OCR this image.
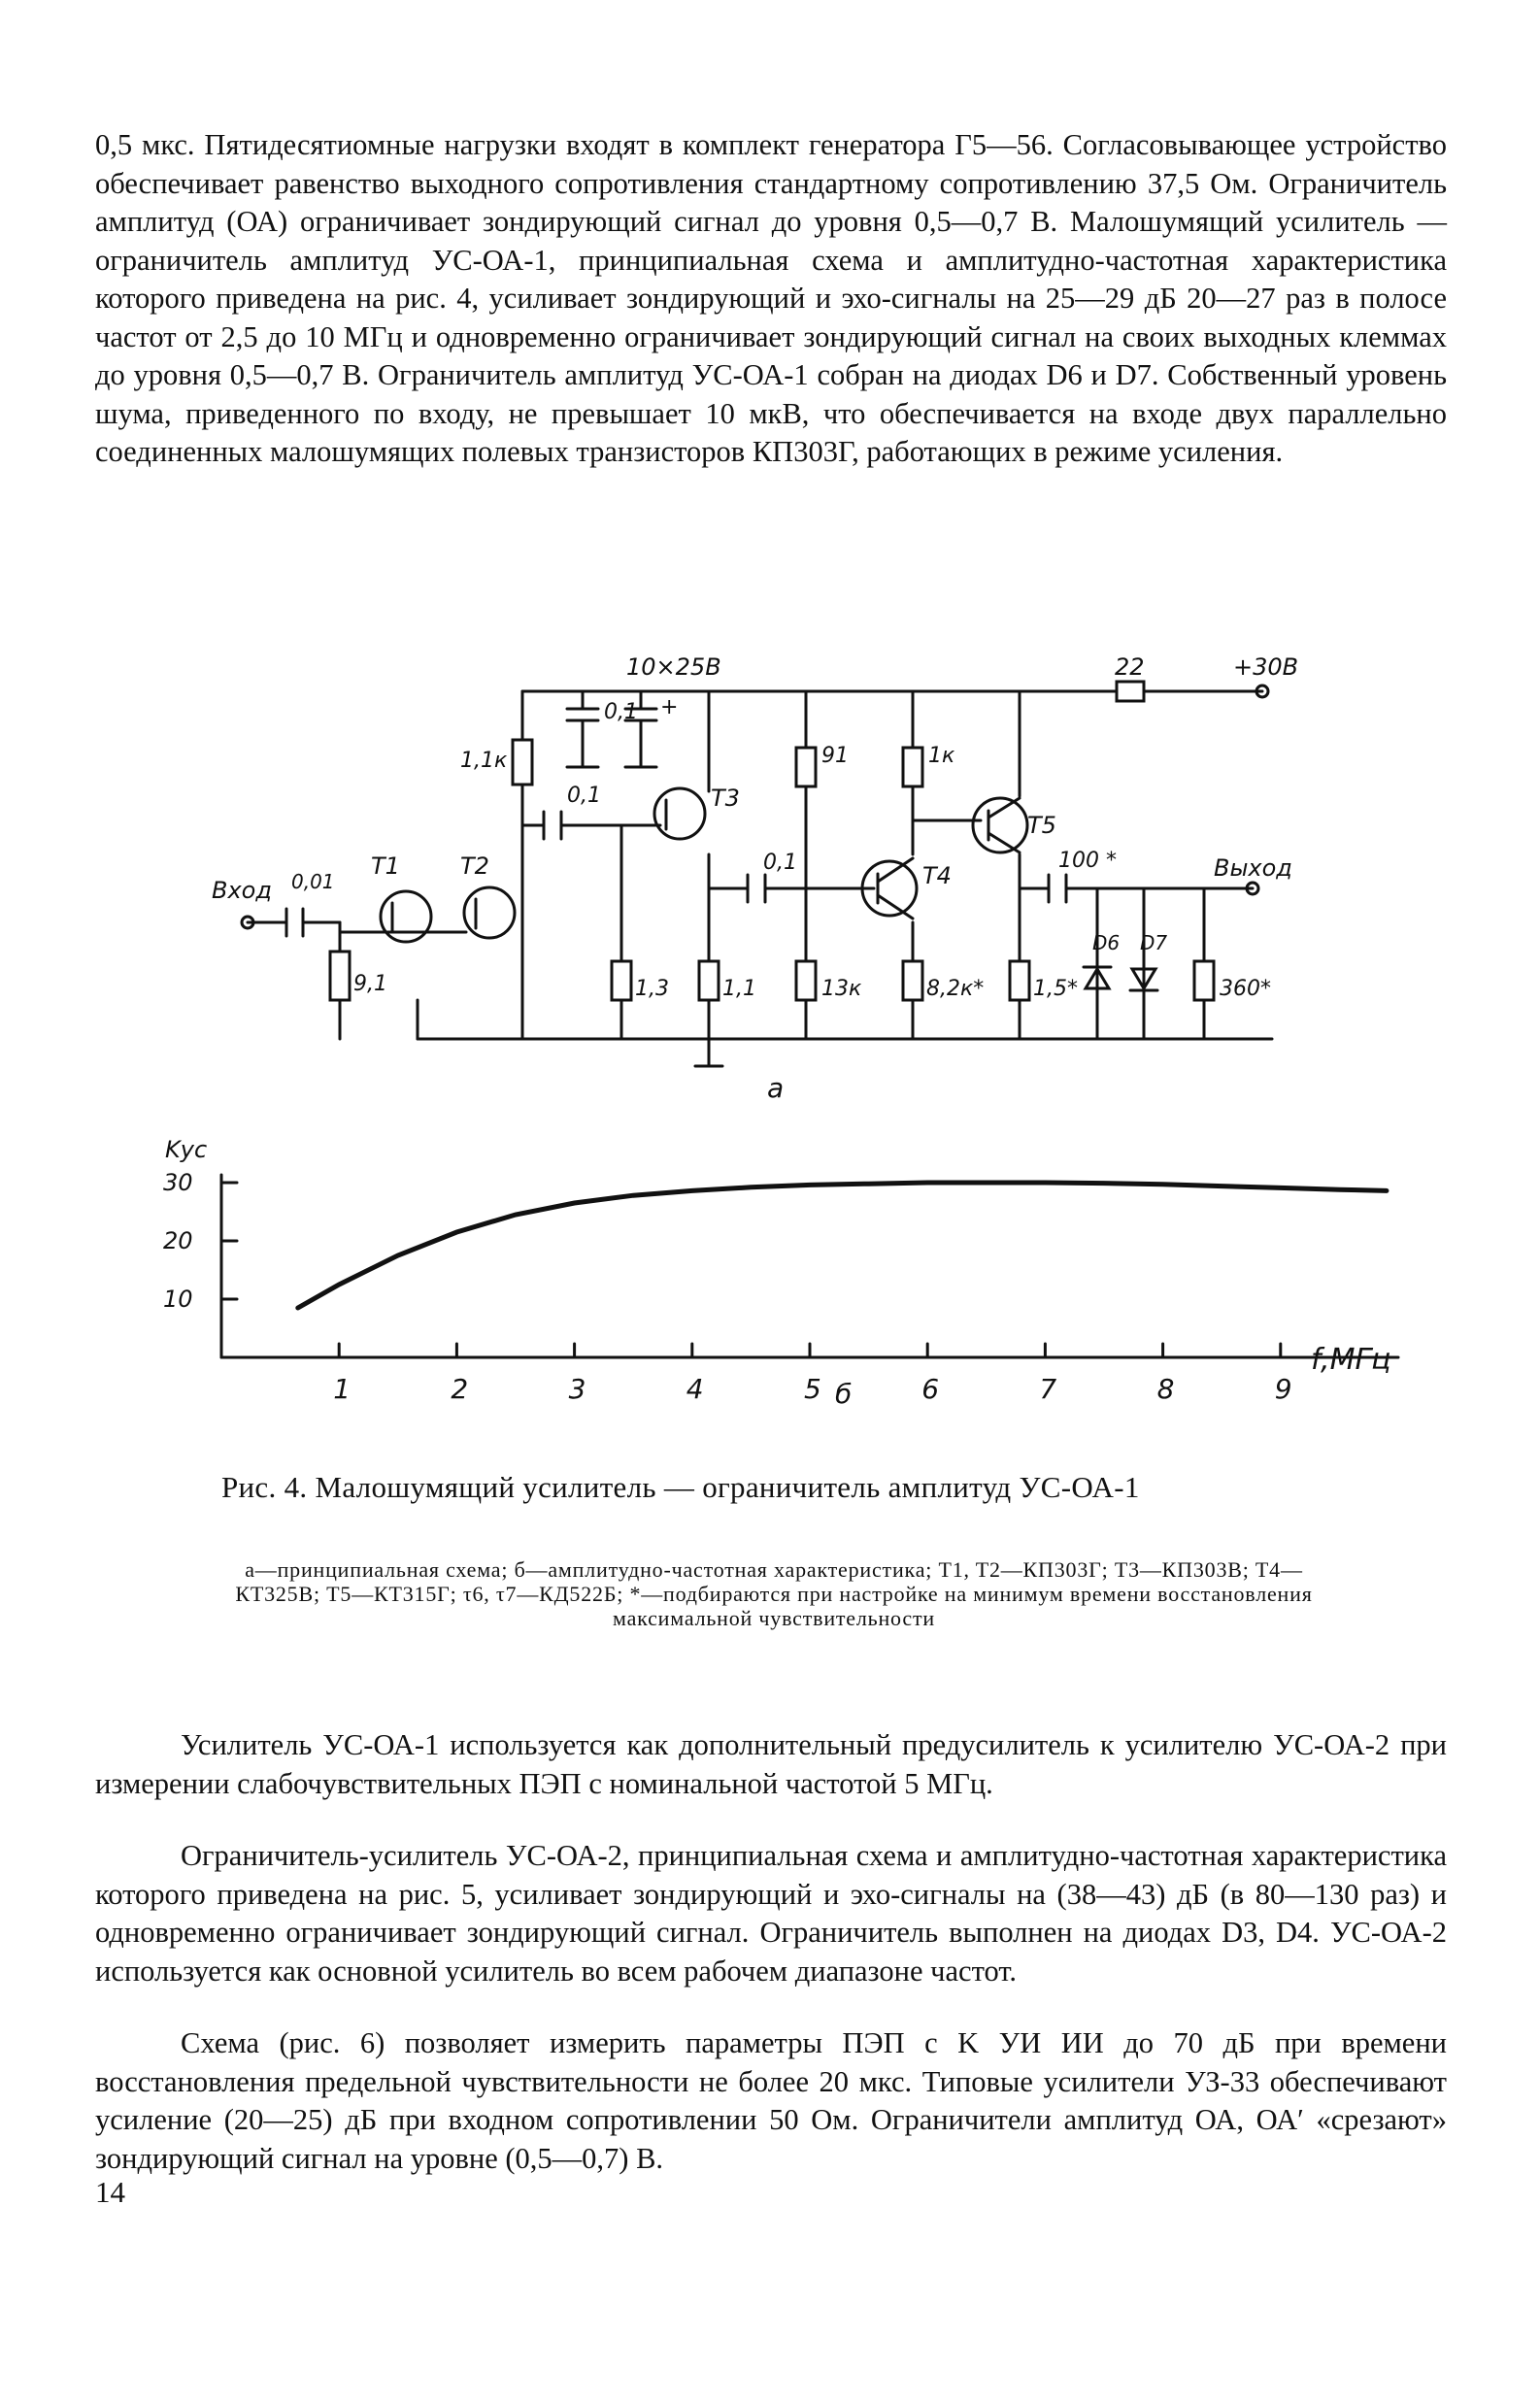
0,5 мкс. Пятидесятиомные нагрузки входят в комплект генератора Г5—56. Согласовывающее устройство обеспечивает равенство выходного сопротивления стандартному сопротивлению 37,5 Ом. Ограничитель амплитуд (ОА) ограничивает зондирующий сигнал до уровня 0,5—0,7 В. Малошумящий усилитель — ограничитель амплитуд УС-ОА-1, принципиальная схема и амплитудно-частотная характеристика которого приведена на рис. 4, усиливает зондирующий и эхо-сигналы на 25—29 дБ 20—27 раз в полосе частот от 2,5 до 10 МГц и одновременно ограничивает зондирующий сигнал на своих выходных клеммах до уровня 0,5—0,7 В. Ограничитель амплитуд УС-ОА-1 собран на диодах D6 и D7. Собственный уровень шума, приведенного по входу, не превышает 10 мкВ, что обеспечивается на входе двух параллельно соединенных малошумящих полевых транзисторов КП303Г, работающих в режиме усиления.

10×25В
0,1 +
22	+30В
1,1к
0,1	T3
91	1к
T5
Вход 0,01
T1	T2	0,1	T4
100 *	Выход
D6 D7
9,1	1,3	1,1	13к	8,2к* 1,5*	360*
а
1	2	3	4	5	6	7	8	9
10
20
30
Kус
f,МГц
б

Рис. 4. Малошумящий усилитель — ограничитель амплитуд УС-ОА-1

а—принципиальная схема; б—амплитудно-частотная характеристика; T1, T2—КП303Г; T3—КП303В; T4—КТ325В; T5—КТ315Г; τ6, τ7—КД522Б; *—подбираются при настройке на минимум времени восстановления максимальной чувствительности

Усилитель УС-ОА-1 используется как дополнительный предусилитель к усилителю УС-ОА-2 при измерении слабочувствительных ПЭП с номинальной частотой 5 МГц.

Ограничитель-усилитель УС-ОА-2, принципиальная схема и амплитудно-частотная характеристика которого приведена на рис. 5, усиливает зондирующий и эхо-сигналы на (38—43) дБ (в 80—130 раз) и одновременно ограничивает зондирующий сигнал. Ограничитель выполнен на диодах D3, D4. УС-ОА-2 используется как основной усилитель во всем рабочем диапазоне частот.

Схема (рис. 6) позволяет измерить параметры ПЭП с K УИ ИИ до 70 дБ при времени восстановления предельной чувствительности не более 20 мкс. Типовые усилители УЗ-33 обеспечивают усиление (20—25) дБ при входном сопротивлении 50 Ом. Ограничители амплитуд ОА, ОА′ «срезают» зондирующий сигнал на уровне (0,5—0,7) В.

14
